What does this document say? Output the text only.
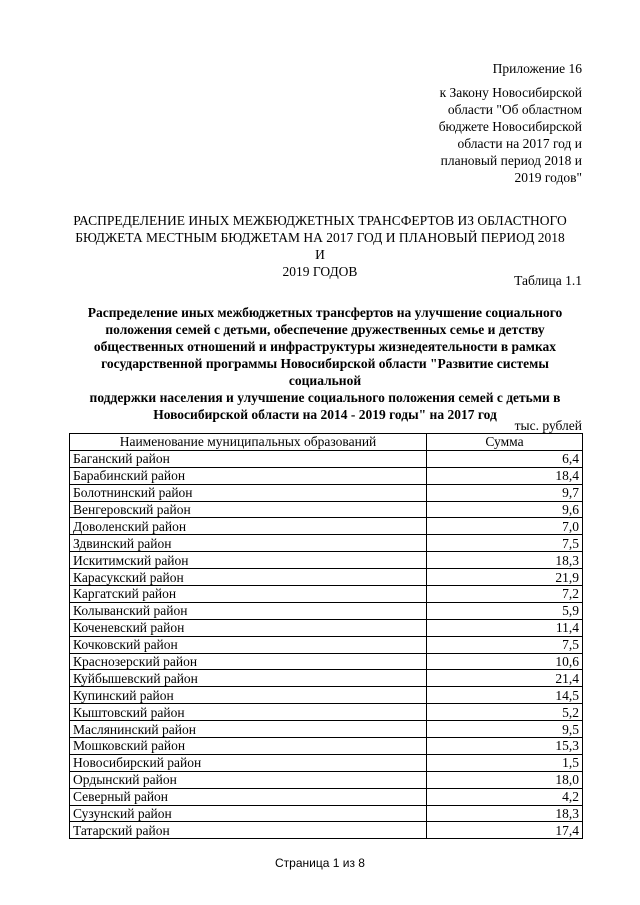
Приложение 16
к Закону Новосибирской
области "Об областном
бюджете Новосибирской
области на 2017 год и
плановый период 2018 и
2019 годов"
РАСПРЕДЕЛЕНИЕ ИНЫХ МЕЖБЮДЖЕТНЫХ ТРАНСФЕРТОВ ИЗ ОБЛАСТНОГО
БЮДЖЕТА МЕСТНЫМ БЮДЖЕТАМ НА 2017 ГОД И ПЛАНОВЫЙ ПЕРИОД 2018 И
2019 ГОДОВ
Таблица 1.1
Распределение иных межбюджетных трансфертов на улучшение социального
положения семей с детьми, обеспечение дружественных семье и детству
общественных отношений и инфраструктуры жизнедеятельности в рамках
государственной программы Новосибирской области "Развитие системы социальной
поддержки населения и улучшение социального положения семей с детьми в
Новосибирской области на 2014 - 2019 годы" на 2017 год
тыс. рублей
Наименование муниципальных образований	Сумма
Баганский район	6,4
Барабинский район	18,4
Болотнинский район	9,7
Венгеровский район	9,6
Доволенский район	7,0
Здвинский район	7,5
Искитимский район	18,3
Карасукский район	21,9
Каргатский район	7,2
Колыванский район	5,9
Коченевский район	11,4
Кочковский район	7,5
Краснозерский район	10,6
Куйбышевский район	21,4
Купинский район	14,5
Кыштовский район	5,2
Маслянинский район	9,5
Мошковский район	15,3
Новосибирский район	1,5
Ордынский район	18,0
Северный район	4,2
Сузунский район	18,3
Татарский район	17,4
Страница 1 из 8
